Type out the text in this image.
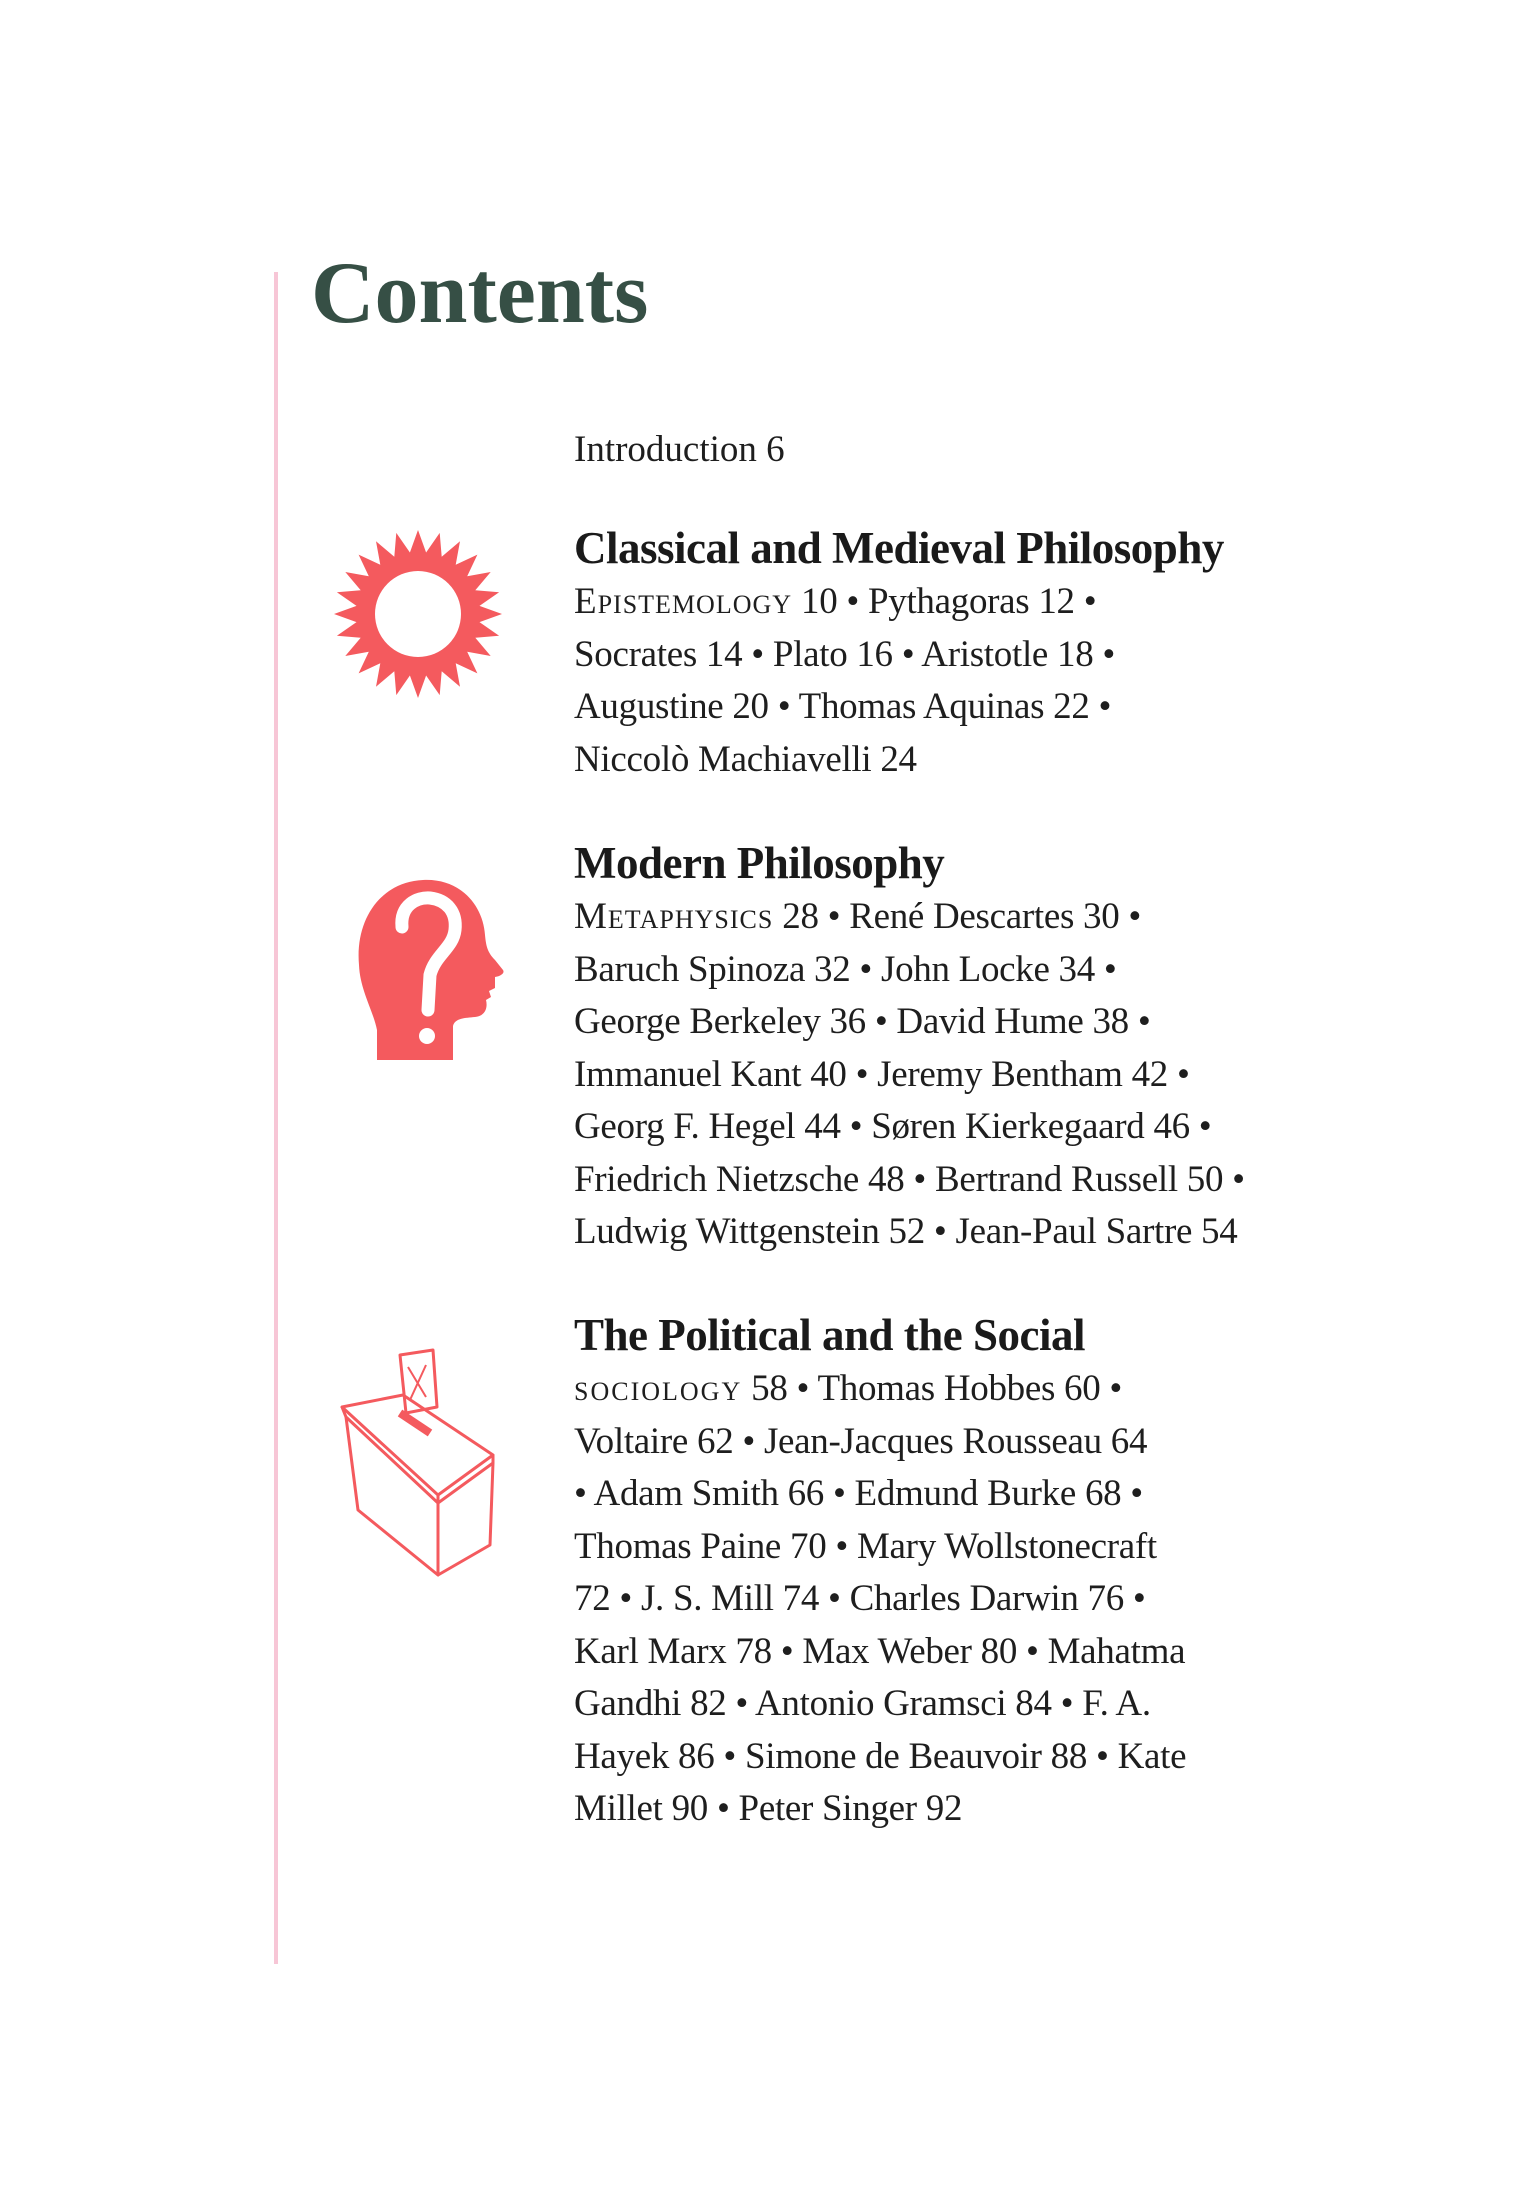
Contents
Introduction 6
Classical and Medieval Philosophy
Epistemology 10 • Pythagoras 12 •
Socrates 14 • Plato 16 • Aristotle 18 •
Augustine 20 • Thomas Aquinas 22 •
Niccolò Machiavelli 24
Modern Philosophy
Metaphysics 28 • René Descartes 30 •
Baruch Spinoza 32 • John Locke 34 •
George Berkeley 36 • David Hume 38 •
Immanuel Kant 40 • Jeremy Bentham 42 •
Georg F. Hegel 44 • Søren Kierkegaard 46 •
Friedrich Nietzsche 48 • Bertrand Russell 50 •
Ludwig Wittgenstein 52 • Jean-Paul Sartre 54
The Political and the Social
sociology 58 • Thomas Hobbes 60 •
Voltaire 62 • Jean-Jacques Rousseau 64
• Adam Smith 66 • Edmund Burke 68 •
Thomas Paine 70 • Mary Wollstonecraft
72 • J. S. Mill 74 • Charles Darwin 76 •
Karl Marx 78 • Max Weber 80 • Mahatma
Gandhi 82 • Antonio Gramsci 84 • F. A.
Hayek 86 • Simone de Beauvoir 88 • Kate
Millet 90 • Peter Singer 92
